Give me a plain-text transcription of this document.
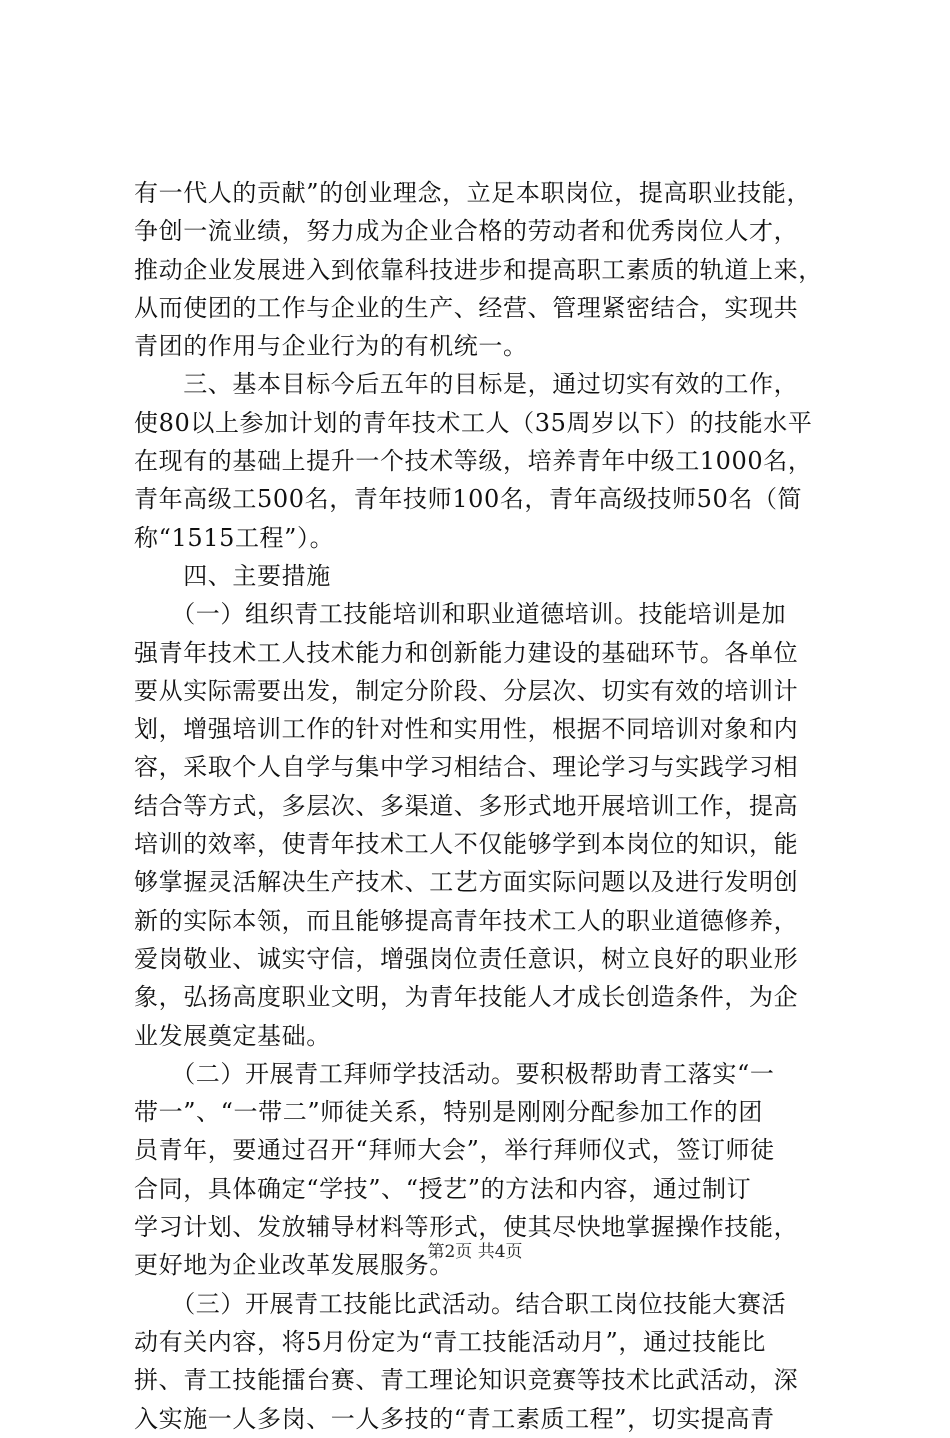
有一代人的贡献”的创业理念，立足本职岗位，提高职业技能，
争创一流业绩，努力成为企业合格的劳动者和优秀岗位人才，
推动企业发展进入到依靠科技进步和提高职工素质的轨道上来，
从而使团的工作与企业的生产、经营、管理紧密结合，实现共
青团的作用与企业行为的有机统一。
　　三、基本目标今后五年的目标是，通过切实有效的工作，
使80以上参加计划的青年技术工人（35周岁以下）的技能水平
在现有的基础上提升一个技术等级，培养青年中级工1000名，
青年高级工500名，青年技师100名，青年高级技师50名（简
称“1515工程”）。
　　四、主要措施
　　（一）组织青工技能培训和职业道德培训。技能培训是加
强青年技术工人技术能力和创新能力建设的基础环节。各单位
要从实际需要出发，制定分阶段、分层次、切实有效的培训计
划，增强培训工作的针对性和实用性，根据不同培训对象和内
容，采取个人自学与集中学习相结合、理论学习与实践学习相
结合等方式，多层次、多渠道、多形式地开展培训工作，提高
培训的效率，使青年技术工人不仅能够学到本岗位的知识，能
够掌握灵活解决生产技术、工艺方面实际问题以及进行发明创
新的实际本领，而且能够提高青年技术工人的职业道德修养，
爱岗敬业、诚实守信，增强岗位责任意识，树立良好的职业形
象，弘扬高度职业文明，为青年技能人才成长创造条件，为企
业发展奠定基础。
　　（二）开展青工拜师学技活动。要积极帮助青工落实“一
带一”、“一带二”师徒关系，特别是刚刚分配参加工作的团
员青年，要通过召开“拜师大会”，举行拜师仪式，签订师徒
合同，具体确定“学技”、“授艺”的方法和内容，通过制订
学习计划、发放辅导材料等形式，使其尽快地掌握操作技能，
更好地为企业改革发展服务。
　　（三）开展青工技能比武活动。结合职工岗位技能大赛活
动有关内容，将5月份定为“青工技能活动月”，通过技能比
拼、青工技能擂台赛、青工理论知识竞赛等技术比武活动，深
入实施一人多岗、一人多技的“青工素质工程”，切实提高青
第2页 共4页
